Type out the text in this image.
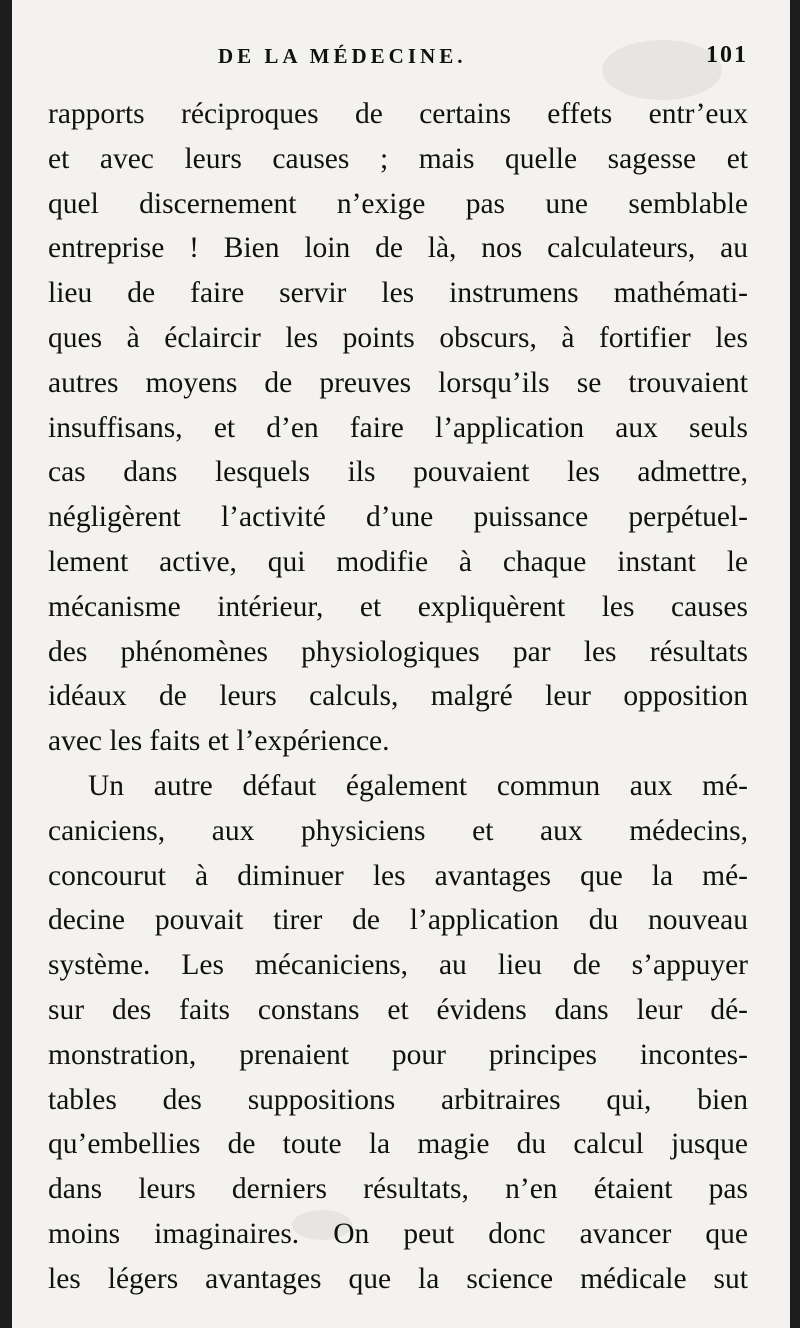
DE LA MÉDECINE.	101
rapports réciproques de certains effets entr’eux
et avec leurs causes ; mais quelle sagesse et
quel discernement n’exige pas une semblable
entreprise ! Bien loin de là, nos calculateurs, au
lieu de faire servir les instrumens mathémati-
ques à éclaircir les points obscurs, à fortifier les
autres moyens de preuves lorsqu’ils se trouvaient
insuffisans, et d’en faire l’application aux seuls
cas dans lesquels ils pouvaient les admettre,
négligèrent l’activité d’une puissance perpétuel-
lement active, qui modifie à chaque instant le
mécanisme intérieur, et expliquèrent les causes
des phénomènes physiologiques par les résultats
idéaux de leurs calculs, malgré leur opposition
avec les faits et l’expérience.
Un autre défaut également commun aux mé-
caniciens, aux physiciens et aux médecins,
concourut à diminuer les avantages que la mé-
decine pouvait tirer de l’application du nouveau
système. Les mécaniciens, au lieu de s’appuyer
sur des faits constans et évidens dans leur dé-
monstration, prenaient pour principes incontes-
tables des suppositions arbitraires qui, bien
qu’embellies de toute la magie du calcul jusque
dans leurs derniers résultats, n’en étaient pas
moins imaginaires. On peut donc avancer que
les légers avantages que la science médicale sut
